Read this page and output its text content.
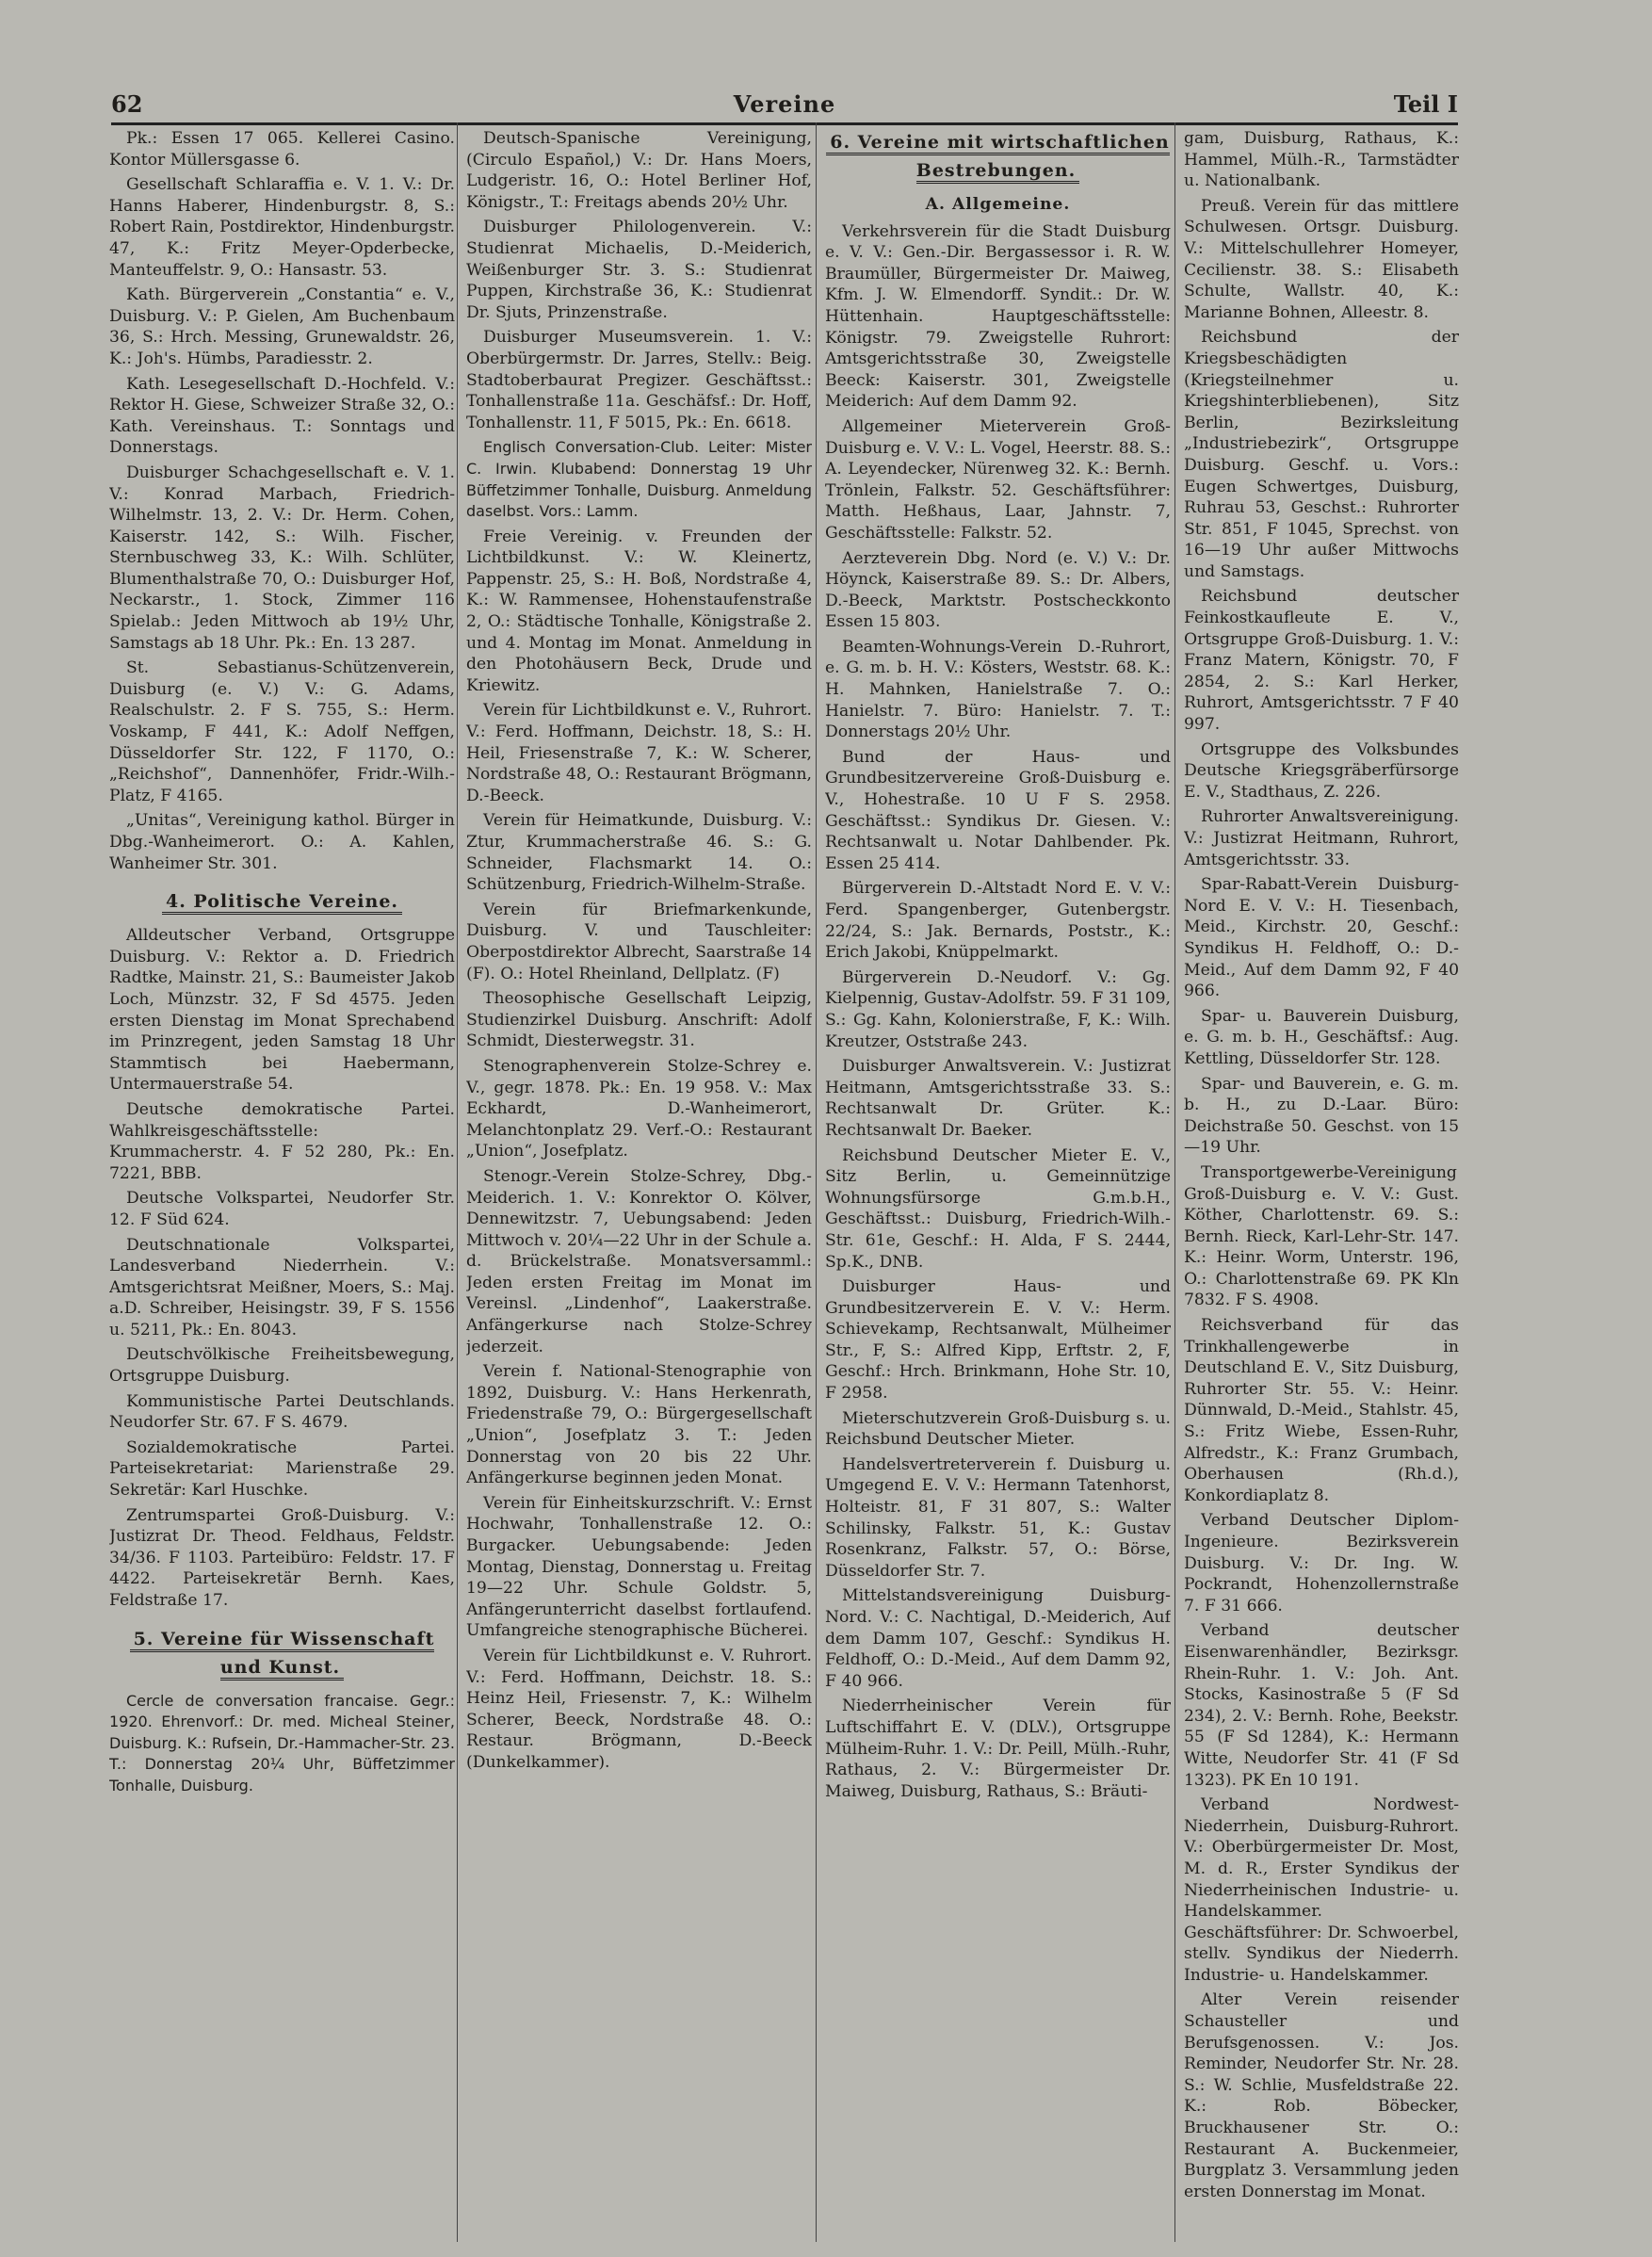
62	Vereine	Teil I

Pk.: Essen 17 065. Kellerei Casino. Kontor Müllersgasse 6.

Gesellschaft Schlaraffia e. V. 1. V.: Dr. Hanns Haberer, Hindenburgstr. 8, S.: Robert Rain, Postdirektor, Hindenburgstr. 47, K.: Fritz Meyer-Opderbecke, Manteuffelstr. 9, O.: Hansastr. 53.

Kath. Bürgerverein „Constantia“ e. V., Duisburg. V.: P. Gielen, Am Buchenbaum 36, S.: Hrch. Messing, Grunewaldstr. 26, K.: Joh's. Hümbs, Paradiesstr. 2.

Kath. Lesegesellschaft D.-Hochfeld. V.: Rektor H. Giese, Schweizer Straße 32, O.: Kath. Vereinshaus. T.: Sonntags und Donnerstags.

Duisburger Schachgesellschaft e. V. 1. V.: Konrad Marbach, Friedrich-Wilhelmstr. 13, 2. V.: Dr. Herm. Cohen, Kaiserstr. 142, S.: Wilh. Fischer, Sternbuschweg 33, K.: Wilh. Schlüter, Blumenthalstraße 70, O.: Duisburger Hof, Neckarstr., 1. Stock, Zimmer 116 Spielab.: Jeden Mittwoch ab 19½ Uhr, Samstags ab 18 Uhr. Pk.: En. 13 287.

St. Sebastianus-Schützenverein, Duisburg (e. V.) V.: G. Adams, Realschulstr. 2. F S. 755, S.: Herm. Voskamp, F 441, K.: Adolf Neffgen, Düsseldorfer Str. 122, F 1170, O.: „Reichshof“, Dannenhöfer, Fridr.-Wilh.-Platz, F 4165.

„Unitas“, Vereinigung kathol. Bürger in Dbg.-Wanheimerort. O.: A. Kahlen, Wanheimer Str. 301.

4. Politische Vereine.

Alldeutscher Verband, Ortsgruppe Duisburg. V.: Rektor a. D. Friedrich Radtke, Mainstr. 21, S.: Baumeister Jakob Loch, Münzstr. 32, F Sd 4575. Jeden ersten Dienstag im Monat Sprechabend im Prinzregent, jeden Samstag 18 Uhr Stammtisch bei Haebermann, Untermauerstraße 54.

Deutsche demokratische Partei. Wahlkreisgeschäftsstelle: Krummacherstr. 4. F 52 280, Pk.: En. 7221, BBB.

Deutsche Volkspartei, Neudorfer Str. 12. F Süd 624.

Deutschnationale Volkspartei, Landesverband Niederrhein. V.: Amtsgerichtsrat Meißner, Moers, S.: Maj. a.D. Schreiber, Heisingstr. 39, F S. 1556 u. 5211, Pk.: En. 8043.

Deutschvölkische Freiheitsbewegung, Ortsgruppe Duisburg.

Kommunistische Partei Deutschlands. Neudorfer Str. 67. F S. 4679.

Sozialdemokratische Partei. Parteisekretariat: Marienstraße 29. Sekretär: Karl Huschke.

Zentrumspartei Groß-Duisburg. V.: Justizrat Dr. Theod. Feldhaus, Feldstr. 34/36. F 1103. Parteibüro: Feldstr. 17. F 4422. Parteisekretär Bernh. Kaes, Feldstraße 17.

5. Vereine für Wissenschaft und Kunst.

Cercle de conversation francaise. Gegr.: 1920. Ehrenvorf.: Dr. med. Micheal Steiner, Duisburg. K.: Rufsein, Dr.-Hammacher-Str. 23. T.: Donnerstag 20¼ Uhr, Büffetzimmer Tonhalle, Duisburg.

Deutsch-Spanische Vereinigung, (Circulo Español,) V.: Dr. Hans Moers, Ludgeristr. 16, O.: Hotel Berliner Hof, Königstr., T.: Freitags abends 20½ Uhr.

Duisburger Philologenverein. V.: Studienrat Michaelis, D.-Meiderich, Weißenburger Str. 3. S.: Studienrat Puppen, Kirchstraße 36, K.: Studienrat Dr. Sjuts, Prinzenstraße.

Duisburger Museumsverein. 1. V.: Oberbürgermstr. Dr. Jarres, Stellv.: Beig. Stadtoberbaurat Pregizer. Geschäftsst.: Tonhallenstraße 11a. Geschäfsf.: Dr. Hoff, Tonhallenstr. 11, F 5015, Pk.: En. 6618.

Englisch Conversation-Club. Leiter: Mister C. Irwin. Klubabend: Donnerstag 19 Uhr Büffetzimmer Tonhalle, Duisburg. Anmeldung daselbst. Vors.: Lamm.

Freie Vereinig. v. Freunden der Lichtbildkunst. V.: W. Kleinertz, Pappenstr. 25, S.: H. Boß, Nordstraße 4, K.: W. Rammensee, Hohenstaufenstraße 2, O.: Städtische Tonhalle, Königstraße 2. und 4. Montag im Monat. Anmeldung in den Photohäusern Beck, Drude und Kriewitz.

Verein für Lichtbildkunst e. V., Ruhrort. V.: Ferd. Hoffmann, Deichstr. 18, S.: H. Heil, Friesenstraße 7, K.: W. Scherer, Nordstraße 48, O.: Restaurant Brögmann, D.-Beeck.

Verein für Heimatkunde, Duisburg. V.: Ztur, Krummacherstraße 46. S.: G. Schneider, Flachsmarkt 14. O.: Schützenburg, Friedrich-Wilhelm-Straße.

Verein für Briefmarkenkunde, Duisburg. V. und Tauschleiter: Oberpostdirektor Albrecht, Saarstraße 14 (F). O.: Hotel Rheinland, Dellplatz. (F)

Theosophische Gesellschaft Leipzig, Studienzirkel Duisburg. Anschrift: Adolf Schmidt, Diesterwegstr. 31.

Stenographenverein Stolze-Schrey e. V., gegr. 1878. Pk.: En. 19 958. V.: Max Eckhardt, D.-Wanheimerort, Melanchtonplatz 29. Verf.-O.: Restaurant „Union“, Josefplatz.

Stenogr.-Verein Stolze-Schrey, Dbg.-Meiderich. 1. V.: Konrektor O. Kölver, Dennewitzstr. 7, Uebungsabend: Jeden Mittwoch v. 20¼—22 Uhr in der Schule a. d. Brückelstraße. Monatsversamml.: Jeden ersten Freitag im Monat im Vereinsl. „Lindenhof“, Laakerstraße. Anfängerkurse nach Stolze-Schrey jederzeit.

Verein f. National-Stenographie von 1892, Duisburg. V.: Hans Herkenrath, Friedenstraße 79, O.: Bürgergesellschaft „Union“, Josefplatz 3. T.: Jeden Donnerstag von 20 bis 22 Uhr. Anfängerkurse beginnen jeden Monat.

Verein für Einheitskurzschrift. V.: Ernst Hochwahr, Tonhallenstraße 12. O.: Burgacker. Uebungsabende: Jeden Montag, Dienstag, Donnerstag u. Freitag 19—22 Uhr. Schule Goldstr. 5, Anfängerunterricht daselbst fortlaufend. Umfangreiche stenographische Bücherei.

Verein für Lichtbildkunst e. V. Ruhrort. V.: Ferd. Hoffmann, Deichstr. 18. S.: Heinz Heil, Friesenstr. 7, K.: Wilhelm Scherer, Beeck, Nordstraße 48. O.: Restaur. Brögmann, D.-Beeck (Dunkelkammer).

6. Vereine mit wirtschaftlichen Bestrebungen.
A. Allgemeine.

Verkehrsverein für die Stadt Duisburg e. V. V.: Gen.-Dir. Bergassessor i. R. W. Braumüller, Bürgermeister Dr. Maiweg, Kfm. J. W. Elmendorff. Syndit.: Dr. W. Hüttenhain. Hauptgeschäftsstelle: Königstr. 79. Zweigstelle Ruhrort: Amtsgerichtsstraße 30, Zweigstelle Beeck: Kaiserstr. 301, Zweigstelle Meiderich: Auf dem Damm 92.

Allgemeiner Mieterverein Groß-Duisburg e. V. V.: L. Vogel, Heerstr. 88. S.: A. Leyendecker, Nürenweg 32. K.: Bernh. Trönlein, Falkstr. 52. Geschäftsführer: Matth. Heßhaus, Laar, Jahnstr. 7, Geschäftsstelle: Falkstr. 52.

Aerzteverein Dbg. Nord (e. V.) V.: Dr. Höynck, Kaiserstraße 89. S.: Dr. Albers, D.-Beeck, Marktstr. Postscheckkonto Essen 15 803.

Beamten-Wohnungs-Verein D.-Ruhrort, e. G. m. b. H. V.: Kösters, Weststr. 68. K.: H. Mahnken, Hanielstraße 7. O.: Hanielstr. 7. Büro: Hanielstr. 7. T.: Donnerstags 20½ Uhr.

Bund der Haus- und Grundbesitzervereine Groß-Duisburg e. V., Hohestraße. 10 U F S. 2958. Geschäftsst.: Syndikus Dr. Giesen. V.: Rechtsanwalt u. Notar Dahlbender. Pk. Essen 25 414.

Bürgerverein D.-Altstadt Nord E. V. V.: Ferd. Spangenberger, Gutenbergstr. 22/24, S.: Jak. Bernards, Poststr., K.: Erich Jakobi, Knüppelmarkt.

Bürgerverein D.-Neudorf. V.: Gg. Kielpennig, Gustav-Adolfstr. 59. F 31 109, S.: Gg. Kahn, Kolonierstraße, F, K.: Wilh. Kreutzer, Oststraße 243.

Duisburger Anwaltsverein. V.: Justizrat Heitmann, Amtsgerichtsstraße 33. S.: Rechtsanwalt Dr. Grüter. K.: Rechtsanwalt Dr. Baeker.

Reichsbund Deutscher Mieter E. V., Sitz Berlin, u. Gemeinnützige Wohnungsfürsorge G.m.b.H., Geschäftsst.: Duisburg, Friedrich-Wilh.-Str. 61e, Geschf.: H. Alda, F S. 2444, Sp.K., DNB.

Duisburger Haus- und Grundbesitzerverein E. V. V.: Herm. Schievekamp, Rechtsanwalt, Mülheimer Str., F, S.: Alfred Kipp, Erftstr. 2, F, Geschf.: Hrch. Brinkmann, Hohe Str. 10, F 2958.

Mieterschutzverein Groß-Duisburg s. u. Reichsbund Deutscher Mieter.

Handelsvertreterverein f. Duisburg u. Umgegend E. V. V.: Hermann Tatenhorst, Holteistr. 81, F 31 807, S.: Walter Schilinsky, Falkstr. 51, K.: Gustav Rosenkranz, Falkstr. 57, O.: Börse, Düsseldorfer Str. 7.

Mittelstandsvereinigung Duisburg-Nord. V.: C. Nachtigal, D.-Meiderich, Auf dem Damm 107, Geschf.: Syndikus H. Feldhoff, O.: D.-Meid., Auf dem Damm 92, F 40 966.

Niederrheinischer Verein für Luftschiffahrt E. V. (DLV.), Ortsgruppe Mülheim-Ruhr. 1. V.: Dr. Peill, Mülh.-Ruhr, Rathaus, 2. V.: Bürgermeister Dr. Maiweg, Duisburg, Rathaus, S.: Bräuti-

gam, Duisburg, Rathaus, K.: Hammel, Mülh.-R., Tarmstädter u. Nationalbank.

Preuß. Verein für das mittlere Schulwesen. Ortsgr. Duisburg. V.: Mittelschullehrer Homeyer, Cecilienstr. 38. S.: Elisabeth Schulte, Wallstr. 40, K.: Marianne Bohnen, Alleestr. 8.

Reichsbund der Kriegsbeschädigten (Kriegsteilnehmer u. Kriegshinterbliebenen), Sitz Berlin, Bezirksleitung „Industriebezirk“, Ortsgruppe Duisburg. Geschf. u. Vors.: Eugen Schwertges, Duisburg, Ruhrau 53, Geschst.: Ruhrorter Str. 851, F 1045, Sprechst. von 16—19 Uhr außer Mittwochs und Samstags.

Reichsbund deutscher Feinkostkaufleute E. V., Ortsgruppe Groß-Duisburg. 1. V.: Franz Matern, Königstr. 70, F 2854, 2. S.: Karl Herker, Ruhrort, Amtsgerichtsstr. 7 F 40 997.

Ortsgruppe des Volksbundes Deutsche Kriegsgräberfürsorge E. V., Stadthaus, Z. 226.

Ruhrorter Anwaltsvereinigung. V.: Justizrat Heitmann, Ruhrort, Amtsgerichtsstr. 33.

Spar-Rabatt-Verein Duisburg-Nord E. V. V.: H. Tiesenbach, Meid., Kirchstr. 20, Geschf.: Syndikus H. Feldhoff, O.: D.-Meid., Auf dem Damm 92, F 40 966.

Spar- u. Bauverein Duisburg, e. G. m. b. H., Geschäftsf.: Aug. Kettling, Düsseldorfer Str. 128.

Spar- und Bauverein, e. G. m. b. H., zu D.-Laar. Büro: Deichstraße 50. Geschst. von 15—19 Uhr.

Transportgewerbe-Vereinigung Groß-Duisburg e. V. V.: Gust. Köther, Charlottenstr. 69. S.: Bernh. Rieck, Karl-Lehr-Str. 147. K.: Heinr. Worm, Unterstr. 196, O.: Charlottenstraße 69. PK Kln 7832. F S. 4908.

Reichsverband für das Trinkhallengewerbe in Deutschland E. V., Sitz Duisburg, Ruhrorter Str. 55. V.: Heinr. Dünnwald, D.-Meid., Stahlstr. 45, S.: Fritz Wiebe, Essen-Ruhr, Alfredstr., K.: Franz Grumbach, Oberhausen (Rh.d.), Konkordiaplatz 8.

Verband Deutscher Diplom-Ingenieure. Bezirksverein Duisburg. V.: Dr. Ing. W. Pockrandt, Hohenzollernstraße 7. F 31 666.

Verband deutscher Eisenwarenhändler, Bezirksgr. Rhein-Ruhr. 1. V.: Joh. Ant. Stocks, Kasinostraße 5 (F Sd 234), 2. V.: Bernh. Rohe, Beekstr. 55 (F Sd 1284), K.: Hermann Witte, Neudorfer Str. 41 (F Sd 1323). PK En 10 191.

Verband Nordwest-Niederrhein, Duisburg-Ruhrort. V.: Oberbürgermeister Dr. Most, M. d. R., Erster Syndikus der Niederrheinischen Industrie- u. Handelskammer. Geschäftsführer: Dr. Schwoerbel, stellv. Syndikus der Niederrh. Industrie- u. Handelskammer.

Alter Verein reisender Schausteller und Berufsgenossen. V.: Jos. Reminder, Neudorfer Str. Nr. 28. S.: W. Schlie, Musfeldstraße 22. K.: Rob. Böbecker, Bruckhausener Str. O.: Restaurant A. Buckenmeier, Burgplatz 3. Versammlung jeden ersten Donnerstag im Monat.
